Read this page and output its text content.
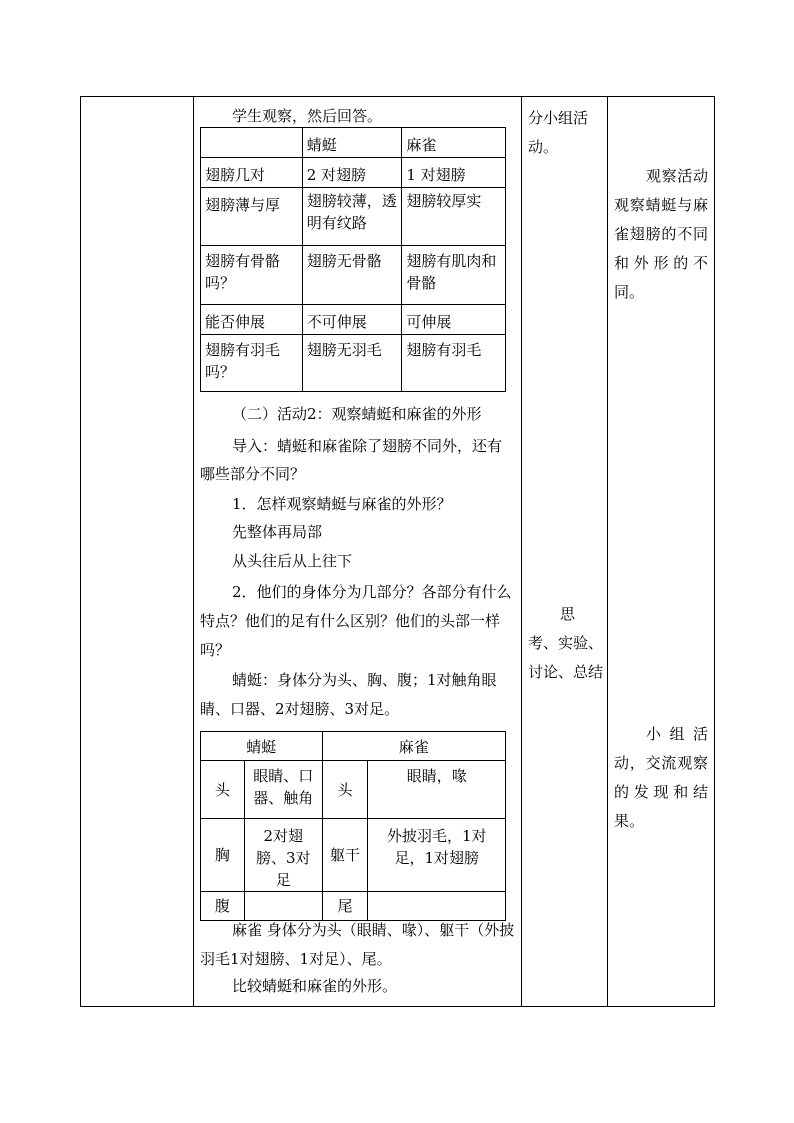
学生观察，然后回答。
	蜻蜓	麻雀
翅膀几对	2 对翅膀	1 对翅膀
翅膀薄与厚	翅膀较薄，透明有纹路	翅膀较厚实
翅膀有骨骼吗？	翅膀无骨骼	翅膀有肌肉和骨骼
能否伸展	不可伸展	可伸展
翅膀有羽毛吗？	翅膀无羽毛	翅膀有羽毛
（二）活动2：观察蜻蜓和麻雀的外形
导入：蜻蜓和麻雀除了翅膀不同外，还有哪些部分不同？
1．怎样观察蜻蜓与麻雀的外形？
先整体再局部
从头往后从上往下
2．他们的身体分为几部分？各部分有什么特点？他们的足有什么区别？他们的头部一样吗？
蜻蜓：身体分为头、胸、腹；1对触角眼睛、口器、2对翅膀、3对足。
蜻蜓		麻雀	
头	眼睛、口器、触角	头	眼睛，喙
胸	2对翅膀、3对足	躯干	外披羽毛，1对足，1对翅膀
腹		尾	
麻雀 身体分为头（眼睛、喙）、躯干（外披羽毛1对翅膀、1对足）、尾。
比较蜻蜓和麻雀的外形。
分小组活动。
思考、实验、讨论、总结
观察活动观察蜻蜓与麻雀翅膀的不同和外形的不同。
小组活动，交流观察的发现和结果。
